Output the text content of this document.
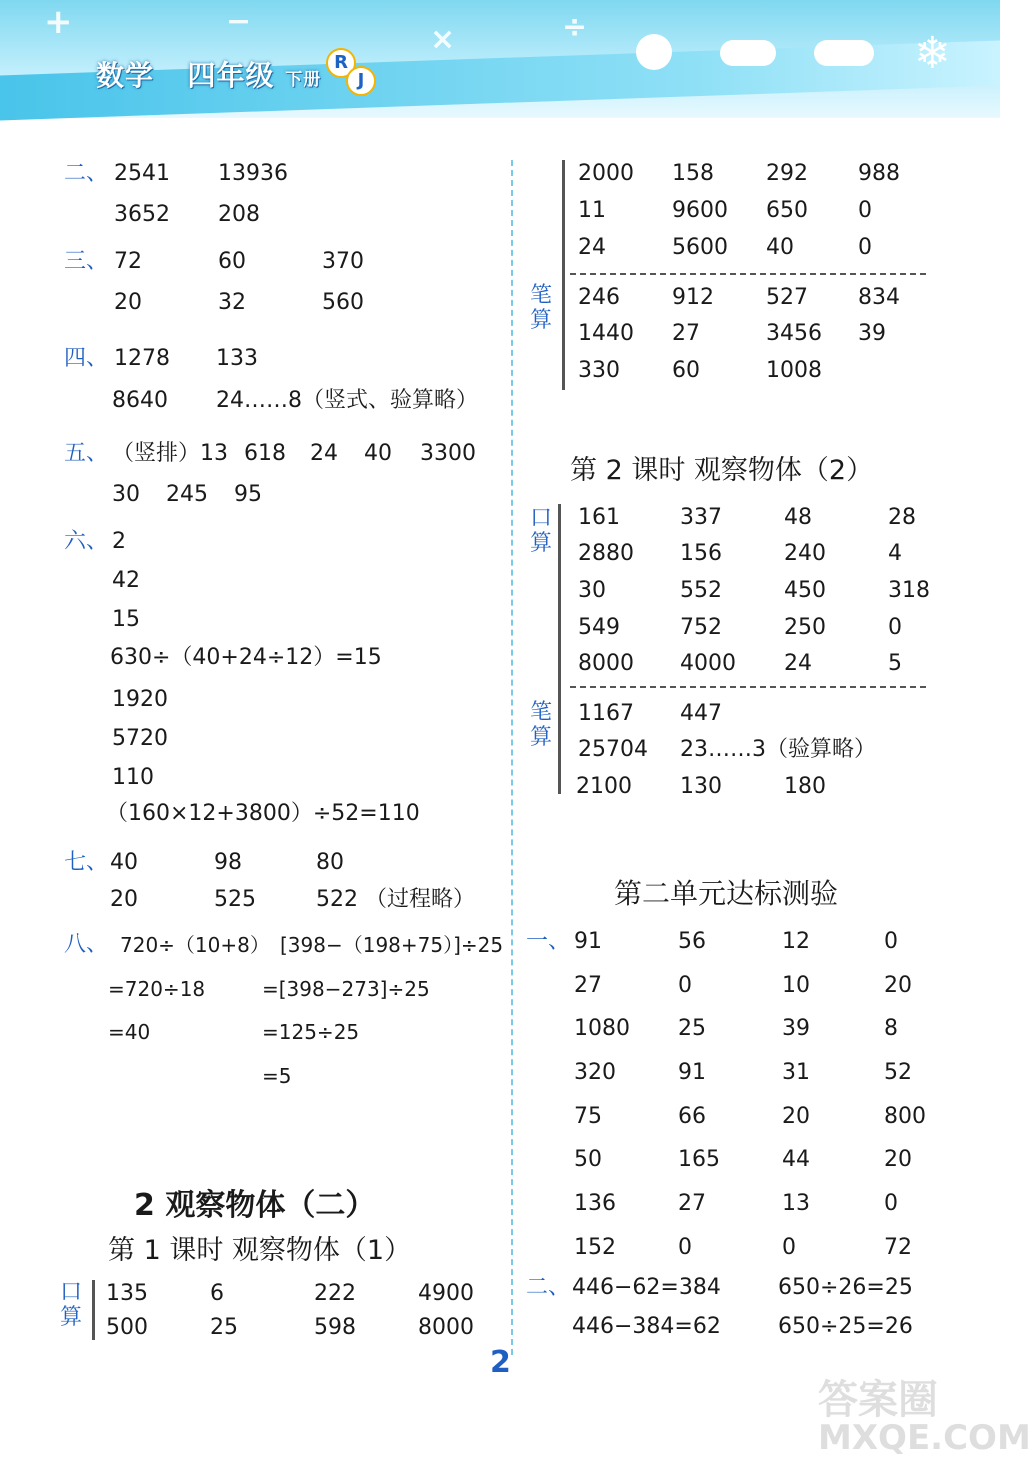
+	−
×	÷
❄
数学 四年级 下册
R
J
二、 2541 13936
3652 208
三、 72	60	370
20	32	560
四、 1278 133
8640 24……8（竖式、验算略）
五、 （竖排）13 618 24 40 3300
30 245 95
六、 2
42
15
630÷（40+24÷12）=15
1920
5720
110
（160×12+3800）÷52=110
七、 40	98	80
20	525	522 （过程略）
八、 720÷（10+8）
=720÷18
=40
[398−（198+75）]÷25
=[398−273]÷25
=125÷25
=5
2 观察物体（二）
第 1 课时 观察物体（1）
口算
135	6	222	4900
500	25	598	8000
2000 158 292 988
11	9600 650 0
24	5600 40	0
笔算
246 912 527 834
1440 27	3456 39
330 60	1008
第 2 课时 观察物体（2）
口算
161	337	48	28
2880 156	240	4
30	552	450	318
549	752	250	0
8000 4000 24	5
笔算
1167 447
25704 23……3（验算略）
2100 130	180
第二单元达标测验
一、 91	56	12	0
27	0	10	20
1080 25	39	8
320	91	31	52
75	66	20	800
50	165	44	20
136	27	13	0
152	0	0	72
二、 446−62=384	650÷26=25
446−384=62	650÷25=26
2
答案圈
MXQE.COM
